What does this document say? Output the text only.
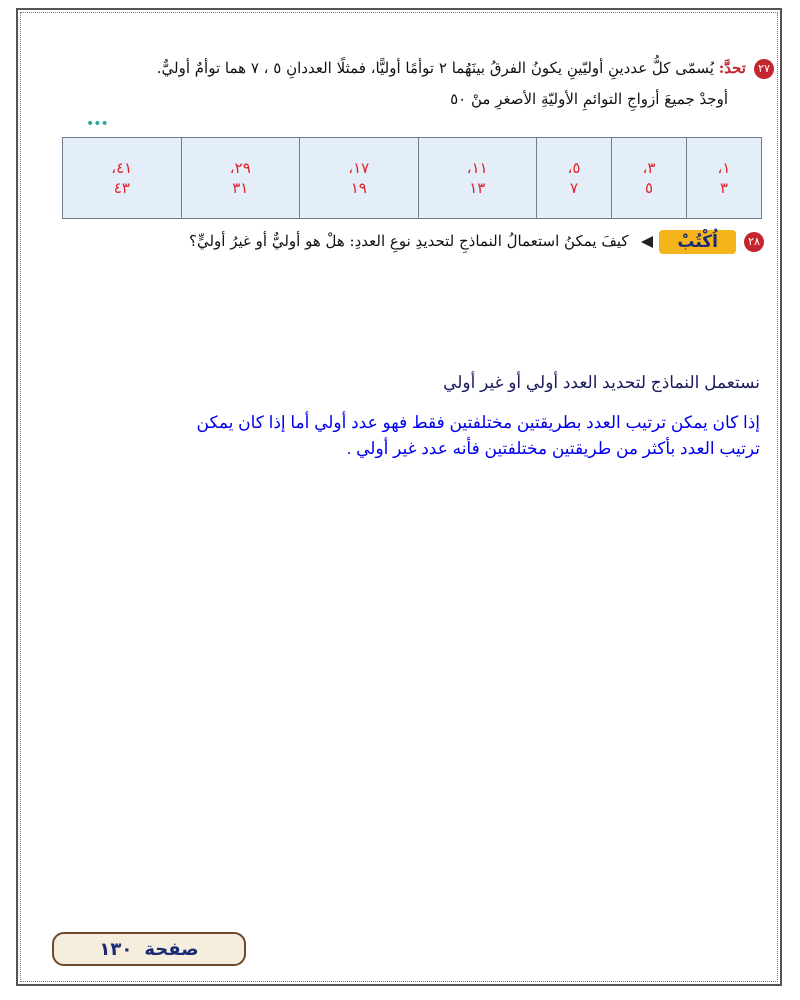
٢٧تحدَّ: يُسمّى كلُّ عددينِ أوليّينِ يكونُ الفرقُ بينَهُما ٢ توأمًا أوليًّا، فمثلًا العددانِ ٥ ، ٧ هما توأمٌ أوليٌّ.
أوجدْ جميعَ أزواجِ التوائمِ الأوليّةِ الأصغرِ منْ ٥٠
•••
١،
٣

٣،
٥

٥،
٧

١١،
١٣

١٧،
١٩

٢٩،
٣١

٤١،
٤٣
٢٨اُكْتُبْ كيفَ يمكنُ استعمالُ النماذجِ لتحديدِ نوعِ العددِ: هلْ هو أوليٌّ أو غيرُ أوليٍّ؟
نستعمل النماذج لتحديد العدد أولي أو غير أولي
إذا كان يمكن ترتيب العدد بطريقتين مختلفتين فقط فهو عدد أولي أما إذا كان يمكن
ترتيب العدد بأكثر من طريقتين مختلفتين فأنه عدد غير أولي .
صفحة
١٣٠
